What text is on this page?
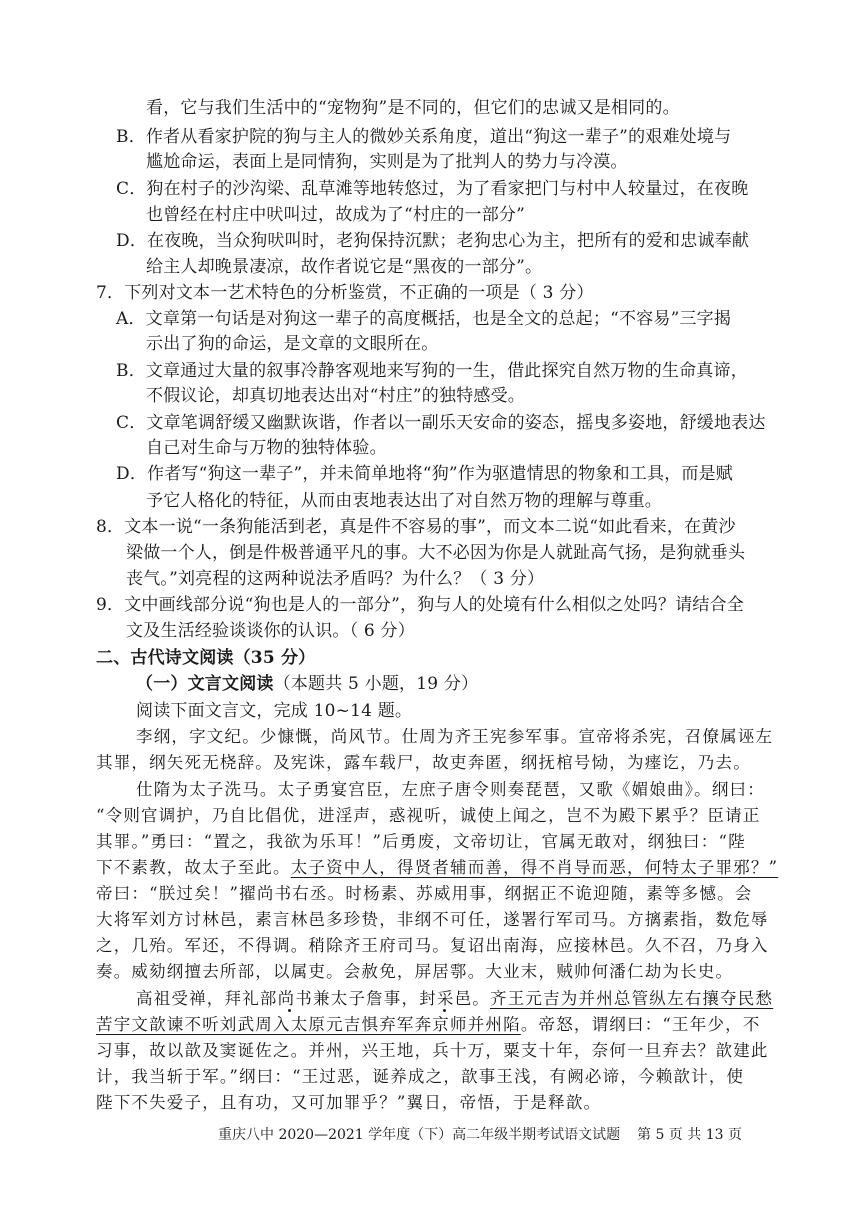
看，它与我们生活中的“宠物狗”是不同的，但它们的忠诚又是相同的。
B．作者从看家护院的狗与主人的微妙关系角度，道出“狗这一辈子”的艰难处境与
尴尬命运，表面上是同情狗，实则是为了批判人的势力与冷漠。
C．狗在村子的沙沟梁、乱草滩等地转悠过，为了看家把门与村中人较量过，在夜晚
也曾经在村庄中吠叫过，故成为了“村庄的一部分”
D．在夜晚，当众狗吠叫时，老狗保持沉默；老狗忠心为主，把所有的爱和忠诚奉献
给主人却晚景凄凉，故作者说它是“黑夜的一部分”。
7．下列对文本一艺术特色的分析鉴赏，不正确的一项是（ 3 分）
A．文章第一句话是对狗这一辈子的高度概括，也是全文的总起；“不容易”三字揭
示出了狗的命运，是文章的文眼所在。
B．文章通过大量的叙事冷静客观地来写狗的一生，借此探究自然万物的生命真谛，
不假议论，却真切地表达出对“村庄”的独特感受。
C．文章笔调舒缓又幽默诙谐，作者以一副乐天安命的姿态，摇曳多姿地，舒缓地表达
自己对生命与万物的独特体验。
D．作者写“狗这一辈子”，并未简单地将“狗”作为驱遣情思的物象和工具，而是赋
予它人格化的特征，从而由衷地表达出了对自然万物的理解与尊重。
8．文本一说“一条狗能活到老，真是件不容易的事”，而文本二说“如此看来，在黄沙
梁做一个人，倒是件极普通平凡的事。大不必因为你是人就趾高气扬，是狗就垂头
丧气。”刘亮程的这两种说法矛盾吗？为什么？（ 3 分）
9．文中画线部分说“狗也是人的一部分”，狗与人的处境有什么相似之处吗？请结合全
文及生活经验谈谈你的认识。（ 6 分）
二、古代诗文阅读（35 分）
（一）文言文阅读（本题共 5 小题，19 分）
阅读下面文言文，完成 10~14 题。
李纲，字文纪。少慷慨，尚风节。仕周为齐王宪参军事。宣帝将杀宪，召僚属诬左
其罪，纲矢死无桡辞。及宪诛，露车载尸，故吏奔匿，纲抚棺号恸，为瘗讫，乃去。
仕隋为太子洗马。太子勇宴宫臣，左庶子唐令则奏琵琶，又歌《媚娘曲》。纲曰：
“令则官调护，乃自比倡优，进淫声，惑视听，诚使上闻之，岂不为殿下累乎？臣请正
其罪。”勇曰：“置之，我欲为乐耳！”后勇废，文帝切让，官属无敢对，纲独曰：“陛
下不素教，故太子至此。太子资中人，得贤者辅而善，得不肖导而恶，何特太子罪邪？”
帝曰：“朕过矣！”擢尚书右丞。时杨素、苏威用事，纲据正不诡迎随，素等多憾。会
大将军刘方讨林邑，素言林邑多珍贽，非纲不可任，遂署行军司马。方摛素指，数危辱
之，几殆。军还，不得调。稍除齐王府司马。复诏出南海，应接林邑。久不召，乃身入
奏。威劾纲擅去所部，以属吏。会赦免，屏居鄠。大业末，贼帅何潘仁劫为长史。
高祖受禅，拜礼部尚书兼太子詹事，封采邑。齐王元吉为并州总管纵左右攘夺民愁
苦宇文歆谏不听刘武周入太原元吉惧弃军奔京师并州陷。帝怒，谓纲曰：“王年少，不
习事，故以歆及窦诞佐之。并州，兴王地，兵十万，粟支十年，奈何一旦弃去？歆建此
计，我当斩于军。”纲曰：“王过恶，诞养成之，歆事王浅，有阙必谛，今赖歆计，使
陛下不失爱子，且有功，又可加罪乎？”翼日，帝悟，于是释歆。
重庆八中 2020—2021 学年度（下）高二年级半期考试语文试题 第 5 页 共 13 页
